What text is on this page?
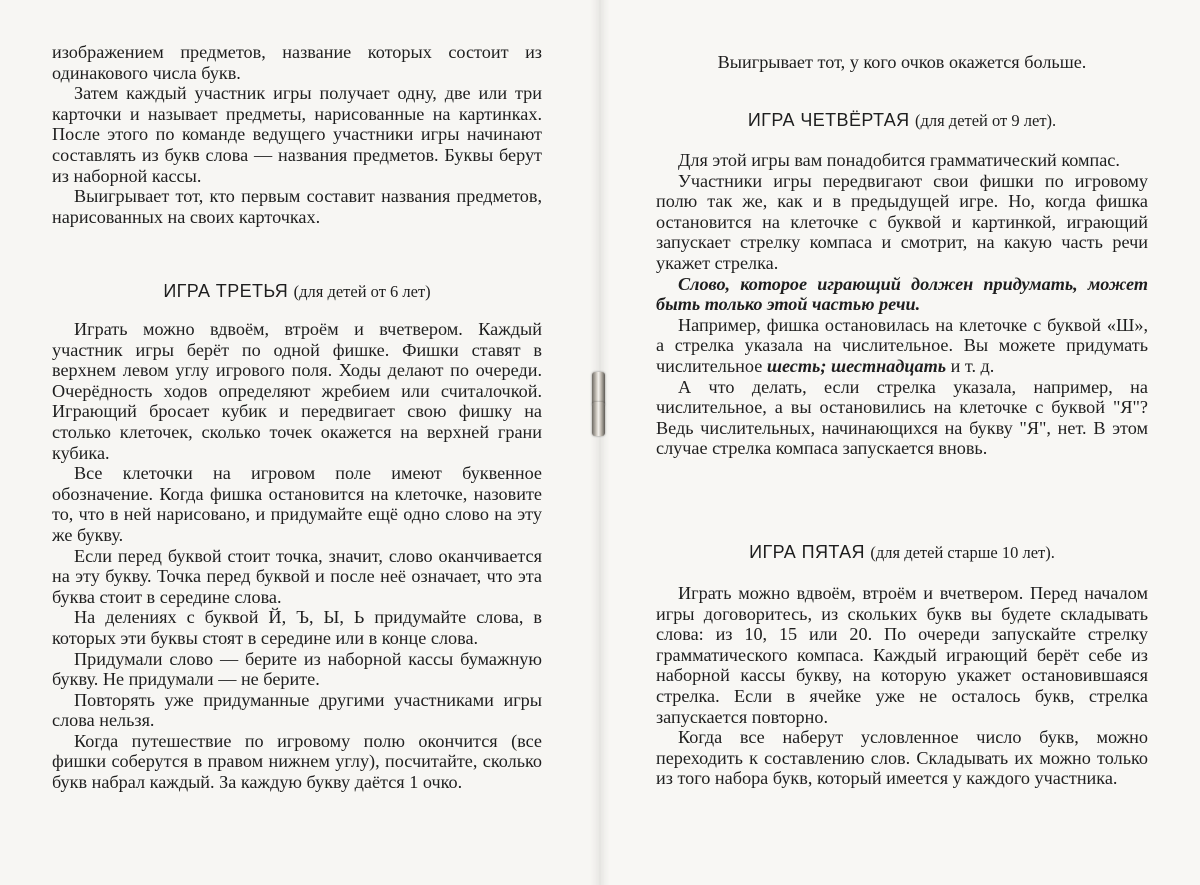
изображением предметов, название которых состоит из одинакового числа букв.

Затем каждый участник игры получает одну, две или три карточки и называет предметы, нарисованные на картинках. После этого по команде ведущего участники игры начинают составлять из букв слова — названия предметов. Буквы берут из наборной кассы.

Выигрывает тот, кто первым составит названия предметов, нарисованных на своих карточках.

ИГРА ТРЕТЬЯ (для детей от 6 лет)

Играть можно вдвоём, втроём и вчетвером. Каждый участник игры берёт по одной фишке. Фишки ставят в верхнем левом углу игрового поля. Ходы делают по очереди. Очерёдность ходов определяют жребием или считалочкой. Играющий бросает кубик и передвигает свою фишку на столько клеточек, сколько точек окажется на верхней грани кубика.

Все клеточки на игровом поле имеют буквенное обозначение. Когда фишка остановится на клеточке, назовите то, что в ней нарисовано, и придумайте ещё одно слово на эту же букву.

Если перед буквой стоит точка, значит, слово оканчивается на эту букву. Точка перед буквой и после неё означает, что эта буква стоит в середине слова.

На делениях с буквой Й, Ъ, Ы, Ь придумайте слова, в которых эти буквы стоят в середине или в конце слова.

Придумали слово — берите из наборной кассы бумажную букву. Не придумали — не берите.

Повторять уже придуманные другими участниками игры слова нельзя.

Когда путешествие по игровому полю окончится (все фишки соберутся в правом нижнем углу), посчитайте, сколько букв набрал каждый. За каждую букву даётся 1 очко.

Выигрывает тот, у кого очков окажется больше.

ИГРА ЧЕТВЁРТАЯ (для детей от 9 лет).

Для этой игры вам понадобится грамматический компас.

Участники игры передвигают свои фишки по игровому полю так же, как и в предыдущей игре. Но, когда фишка остановится на клеточке с буквой и картинкой, играющий запускает стрелку компаса и смотрит, на какую часть речи укажет стрелка.

Слово, которое играющий должен придумать, может быть только этой частью речи.

Например, фишка остановилась на клеточке с буквой «Ш», а стрелка указала на числительное. Вы можете придумать числительное шесть; шестнадцать и т. д.

А что делать, если стрелка указала, например, на числительное, а вы остановились на клеточке с буквой "Я"? Ведь числительных, начинающихся на букву "Я", нет. В этом случае стрелка компаса запускается вновь.

ИГРА ПЯТАЯ (для детей старше 10 лет).

Играть можно вдвоём, втроём и вчетвером. Перед началом игры договоритесь, из скольких букв вы будете складывать слова: из 10, 15 или 20. По очереди запускайте стрелку грамматического компаса. Каждый играющий берёт себе из наборной кассы букву, на которую укажет остановившаяся стрелка. Если в ячейке уже не осталось букв, стрелка запускается повторно.

Когда все наберут условленное число букв, можно переходить к составлению слов. Складывать их можно только из того набора букв, который имеется у каждого участника.
